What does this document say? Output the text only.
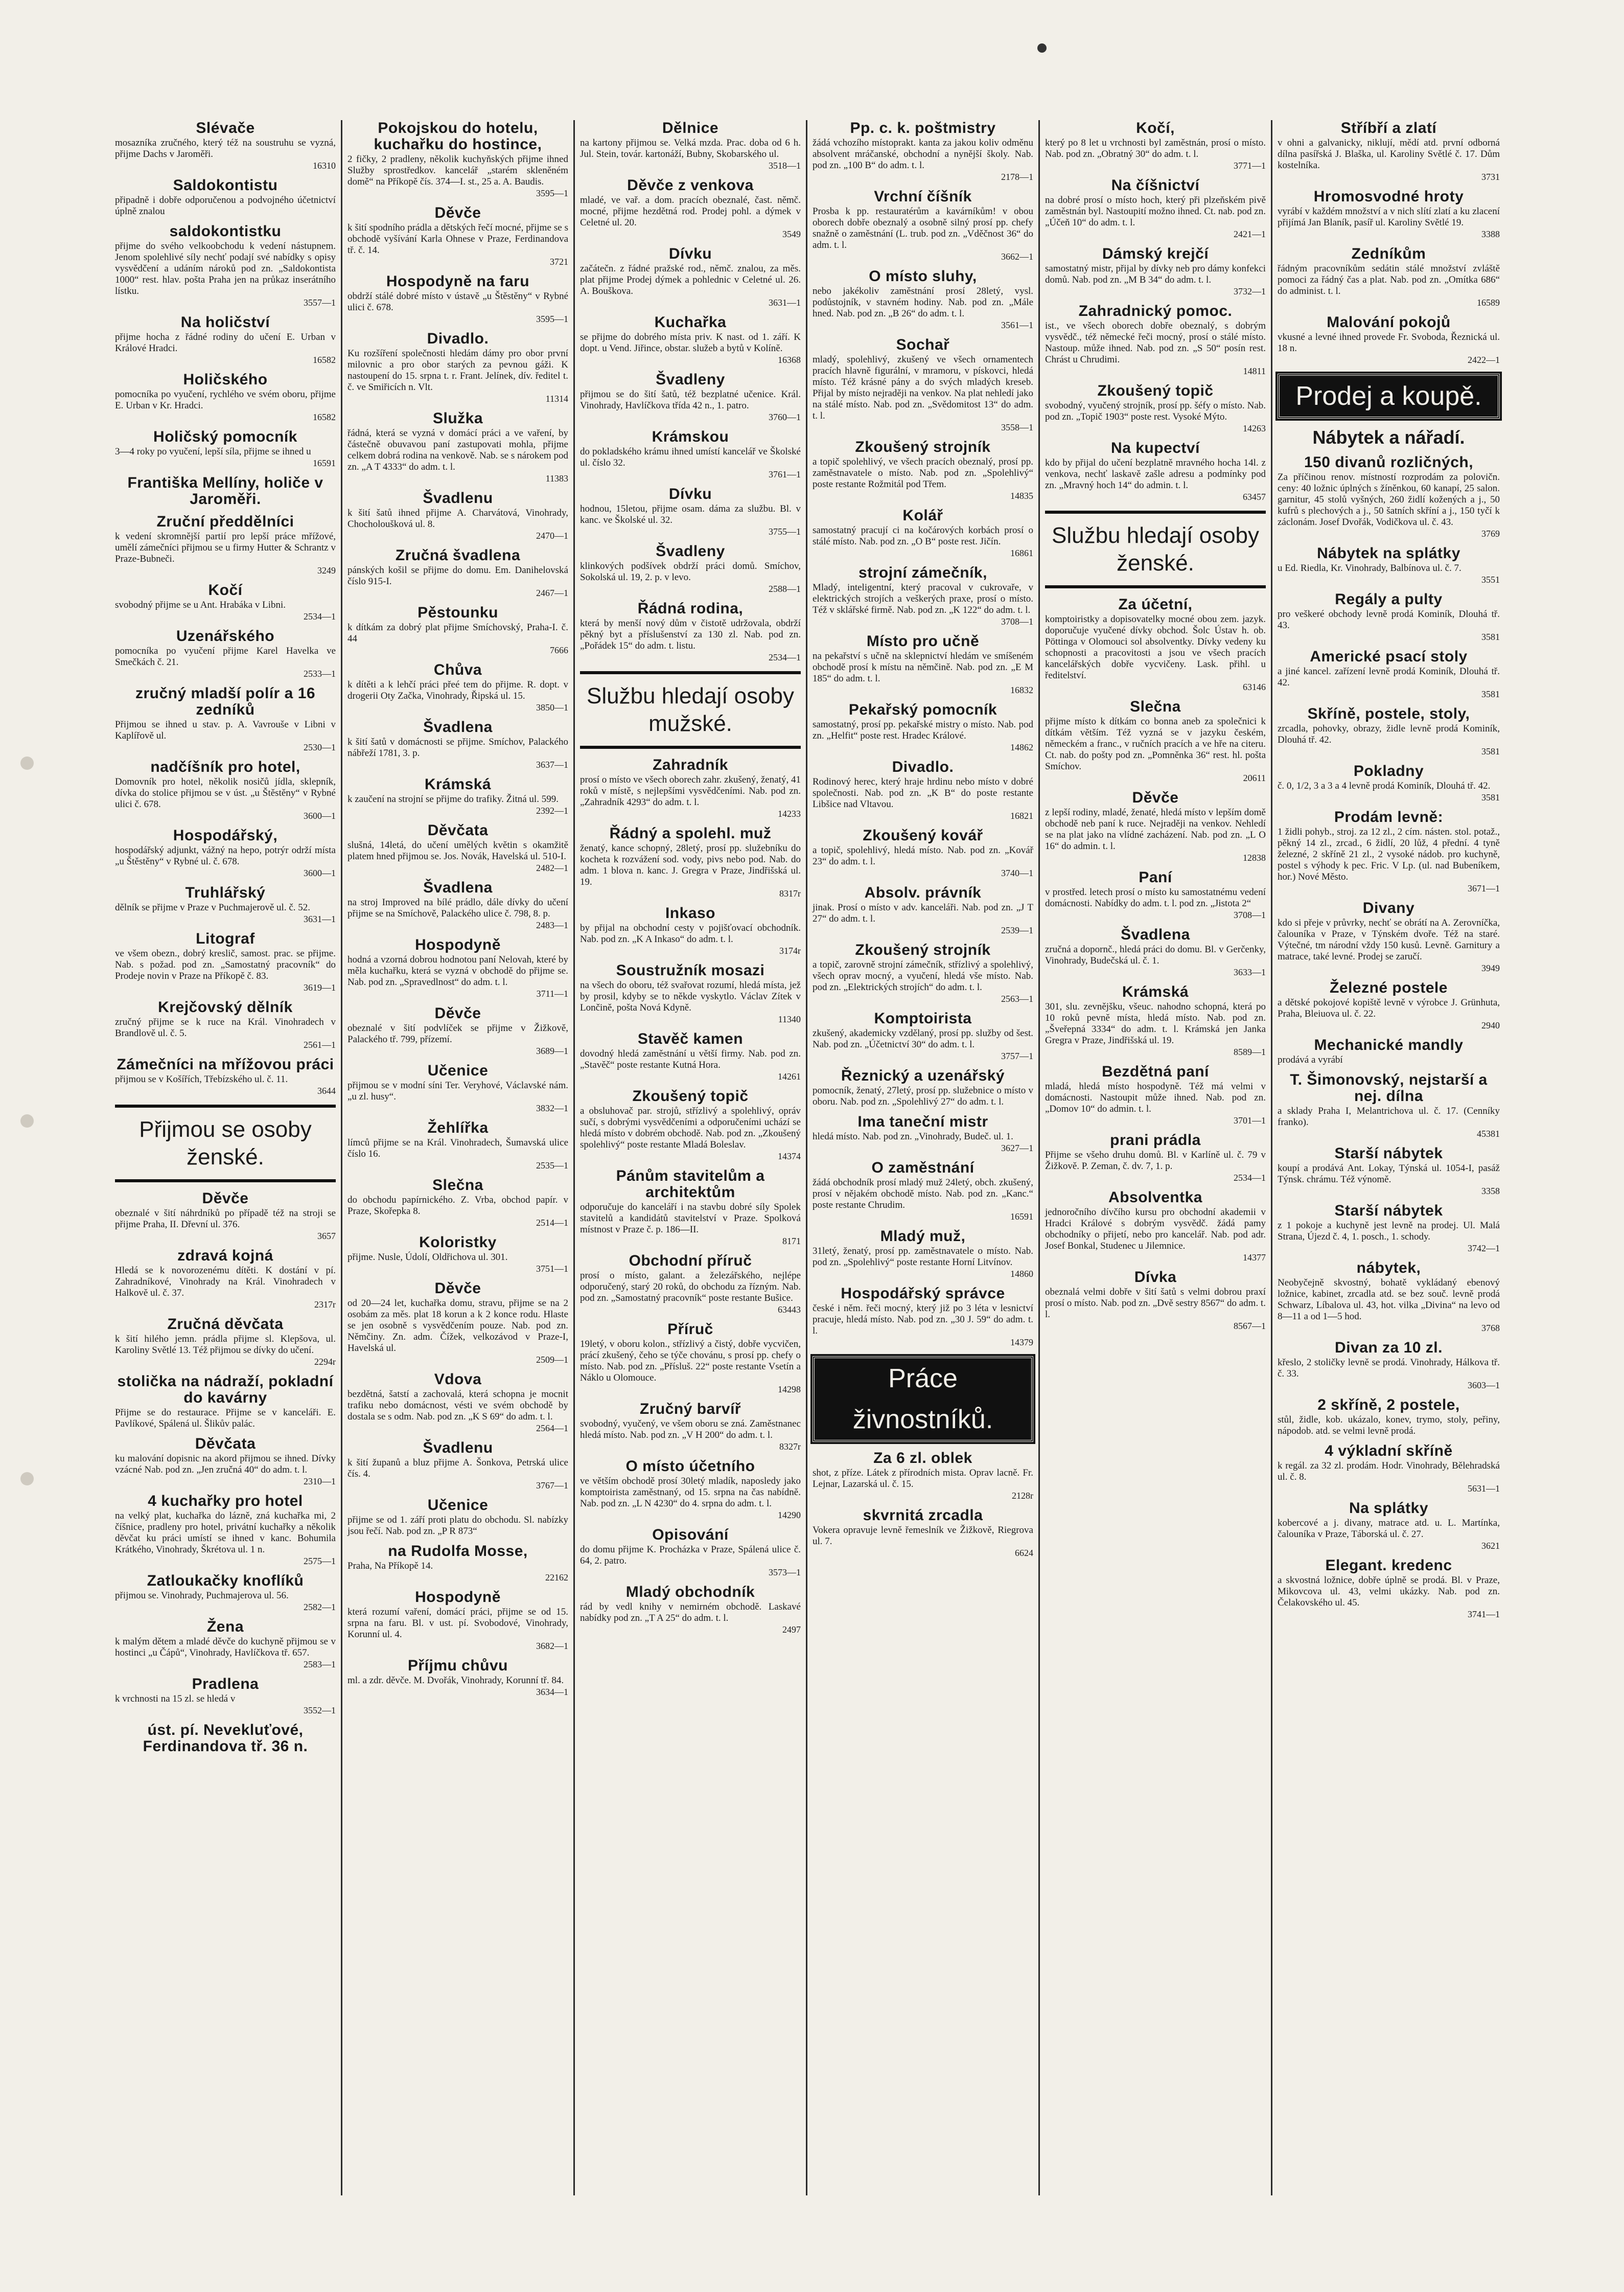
Slévače

mosazníka zručného, který též na soustruhu se vyzná, přijme Dachs v Jaroměři.

16310
Saldokontistu

připadně i dobře odporučenou a podvojného účetnictví úplně znalou

saldokontistku

přijme do svého velkoobchodu k vedení nástupnem. Jenom spolehlivé síly nechť podají své nabídky s opisy vysvědčení a udáním nároků pod zn. „Saldokontista 1000“ rest. hlav. pošta Praha jen na průkaz inserátního lístku.

3557—1
Na holičství

přijme hocha z řádné rodiny do učení E. Urban v Králové Hradci.

16582
Holičského

pomocníka po vyučení, rychlého ve svém oboru, přijme E. Urban v Kr. Hradci.

16582
Holičský pomocník

3—4 roky po vyučení, lepší síla, přijme se ihned u

16591
Františka Mellíny, holiče v Jaroměři.
Zruční předdělníci

k vedení skromnější partií pro lepší práce mřížové, umělí zámečníci přijmou se u firmy Hutter & Schrantz v Praze-Bubneči.

3249
Kočí

svobodný přijme se u Ant. Hrabáka v Libni.

2534—1
Uzenářského

pomocníka po vyučení přijme Karel Havelka ve Smečkách č. 21.

2533—1
zručný mladší polír a 16 zedníků

Přijmou se ihned u stav. p. A. Vavrouše v Libni v Kaplířově ul.

2530—1
nadčíšník pro hotel,

Domovník pro hotel, několik nosičů jídla, sklepník, dívka do stolice přijmou se v úst. „u Štěstěny“ v Rybné ulici č. 678.

3600—1
Hospodářský,

hospodářský adjunkt, vážný na hepo, potrýr održí místa „u Štěstěny“ v Rybné ul. č. 678.

3600—1
Truhlářský

dělník se přijme v Praze v Puchmajerově ul. č. 52.

3631—1
Litograf

ve všem obezn., dobrý kreslič, samost. prac. se přijme. Nab. s požad. pod zn. „Samostatný pracovník“ do Prodeje novin v Praze na Příkopě č. 83.

3619—1
Krejčovský dělník

zručný přijme se k ruce na Král. Vinohradech v Brandlově ul. č. 5.

2561—1
Zámečníci na mřížovou práci

přijmou se v Košířích, Třebízského ul. č. 11.

3644
Přijmou se osoby ženské.
Děvče

obeznalé v šití náhrdníků po případě též na stroji se přijme Praha, II. Dřevní ul. 376.

3657
zdravá kojná

Hledá se k novorozenému dítěti. K dostání v pí. Zahradníkové, Vinohrady na Král. Vinohradech v Halkově ul. č. 37.

2317r
Zručná děvčata

k šití hilého jemn. prádla přijme sl. Klepšova, ul. Karoliny Světlé 13. Též přijmou se dívky do učení.

2294r
stolička na nádraží, pokladní do kavárny

Přijme se do restaurace. Přijme se v kanceláři. E. Pavlíkové, Spálená ul. Šlikův palác.

Děvčata

ku malování dopisnic na akord přijmou se ihned. Dívky vzácné Nab. pod zn. „Jen zručná 40“ do adm. t. l.

2310—1
4 kuchařky pro hotel

na velký plat, kuchařka do lázně, zná kuchařka mi, 2 číšnice, pradleny pro hotel, privátní kuchařky a několik děvčat ku práci umístí se ihned v kanc. Bohumila Krátkého, Vinohrady, Škrétova ul. 1 n.

2575—1
Zatloukačky knoflíků

přijmou se. Vinohrady, Puchmajerova ul. 56.

2582—1
Žena

k malým dětem a mladé děvče do kuchyně přijmou se v hostinci „u Čápů“, Vinohrady, Havlíčkova tř. 657.

2583—1
Pradlena

k vrchnosti na 15 zl. se hledá v

3552—1
úst. pí. Nevekluťové, Ferdinandova tř. 36 n.
Pokojskou do hotelu, kuchařku do hostince,

2 fičky, 2 pradleny, několik kuchyňských přijme ihned Služby sprostředkov. kancelář „starém skleněném domě“ na Příkopě čís. 374—I. st., 25 a. A. Baudis.

3595—1
Děvče

k šití spodního prádla a dětských řečí mocné, přijme se s obchodě vyšívání Karla Ohnese v Praze, Ferdinandova tř. č. 14.

3721
Hospodyně na faru

obdrží stálé dobré místo v ústavě „u Štěstěny“ v Rybné ulici č. 678.

3595—1
Divadlo.

Ku rozšíření společnosti hledám dámy pro obor první milovnic a pro obor starých za pevnou gáži. K nastoupení do 15. srpna t. r. Frant. Jelínek, dív. ředitel t. č. ve Smiřicích n. Vlt.

11314
Služka

řádná, která se vyzná v domácí práci a ve vaření, by částečně obuvavou paní zastupovati mohla, přijme celkem dobrá rodina na venkově. Nab. se s nárokem pod zn. „A T 4333“ do adm. t. l.

11383
Švadlenu

k šití šatů ihned přijme A. Charvátová, Vinohrady, Chocholoušková ul. 8.

2470—1
Zručná švadlena

pánských košil se přijme do domu. Em. Danihelovská číslo 915-I.

2467—1
Pěstounku

k dítkám za dobrý plat přijme Smíchovský, Praha-I. č. 44

7666
Chůva

k dítěti a k lehčí práci přeé tem do přijme. R. dopt. v drogerii Oty Začka, Vinohrady, Řipská ul. 15.

3850—1
Švadlena

k šití šatů v domácnosti se přijme. Smíchov, Palackého nábřeží 1781, 3. p.

3637—1
Krámská

k zaučení na strojní se přijme do trafiky. Žitná ul. 599.

2392—1
Děvčata

slušná, 14letá, do učení umělých květin s okamžitě platem hned přijmou se. Jos. Novák, Havelská ul. 510-I.

2482—1
Švadlena

na stroj Improved na bílé prádlo, dále dívky do učení přijme se na Smíchově, Palackého ulice č. 798, 8. p.

2483—1
Hospodyně

hodná a vzorná dobrou hodnotou paní Nelovah, které by měla kuchařku, která se vyzná v obchodě do přijme se. Nab. pod zn. „Spravedlnost“ do adm. t. l.

3711—1
Děvče

obeznalé v šití podvlíček se přijme v Žižkově, Palackého tř. 799, přízemí.

3689—1
Učenice

přijmou se v modní síni Ter. Veryhové, Václavské nám. „u zl. husy“.

3832—1
Žehlířka

límců přijme se na Král. Vinohradech, Šumavská ulice číslo 16.

2535—1
Slečna

do obchodu papírnického. Z. Vrba, obchod papír. v Praze, Skořepka 8.

2514—1
Koloristky

přijme. Nusle, Údolí, Oldřichova ul. 301.

3751—1
Děvče

od 20—24 let, kuchařka domu, stravu, přijme se na 2 osobám za měs. plat 18 korun a k 2 konce rodu. Hlaste se jen osobně s vysvědčením pouze. Nab. pod zn. Němčiny. Zn. adm. Čížek, velkozávod v Praze-I, Havelská ul.

2509—1
Vdova

bezdětná, šatstí a zachovalá, která schopna je mocnit trafiku nebo domácnost, vésti ve svém obchodě by dostala se s odm. Nab. pod zn. „K S 69“ do adm. t. l.

2564—1
Švadlenu

k šití županů a bluz přijme A. Šonkova, Petrská ulice čís. 4.

3767—1
Učenice

přijme se od 1. září proti platu do obchodu. Sl. nabízky jsou řečí. Nab. pod zn. „P R 873“

na Rudolfa Mosse,

Praha, Na Příkopě 14.

22162
Hospodyně

která rozumí vaření, domácí práci, přijme se od 15. srpna na faru. Bl. v ust. pí. Svobodové, Vinohrady, Korunní ul. 4.

3682—1
Příjmu chůvu

ml. a zdr. děvče. M. Dvořák, Vinohrady, Korunní tř. 84.

3634—1
Dělnice

na kartony přijmou se. Velká mzda. Prac. doba od 6 h. Jul. Stein, továr. kartonáží, Bubny, Skobarského ul.

3518—1
Děvče z venkova

mladé, ve vař. a dom. pracích obeznalé, čast. němč. mocné, přijme hezdětná rod. Prodej pohl. a dýmek v Celetné ul. 20.

3549
Dívku

začátečn. z řádné pražské rod., němč. znalou, za měs. plat přijme Prodej dýmek a pohlednic v Celetné ul. 26. A. Bouškova.

3631—1
Kuchařka

se přijme do dobrého místa priv. K nast. od 1. září. K dopt. u Vend. Jiřince, obstar. služeb a bytů v Kolíně.

16368
Švadleny

přijmou se do šití šatů, též bezplatné učenice. Král. Vinohrady, Havlíčkova třída 42 n., 1. patro.

3760—1
Krámskou

do pokladského krámu ihned umístí kancelář ve Školské ul. číslo 32.

3761—1
Dívku

hodnou, 15letou, přijme osam. dáma za službu. Bl. v kanc. ve Školské ul. 32.

3755—1
Švadleny

klinkových podšívek obdrží práci domů. Smíchov, Sokolská ul. 19, 2. p. v levo.

2588—1
Řádná rodina,

která by menší nový dům v čistotě udržovala, obdrží pěkný byt a příslušenství za 130 zl. Nab. pod zn. „Pořádek 15“ do adm. t. listu.

2534—1
Službu hledají osoby mužské.
Zahradník

prosí o místo ve všech oborech zahr. zkušený, ženatý, 41 roků v místě, s nejlepšími vysvědčeními. Nab. pod zn. „Zahradník 4293“ do adm. t. l.

14233
Řádný a spolehl. muž

ženatý, kance schopný, 28letý, prosí pp. služebníku do kocheta k rozvážení sod. vody, pivs nebo pod. Nab. do adm. 1 blova n. kanc. J. Gregra v Praze, Jindřišská ul. 19.

8317r
Inkaso

by přijal na obchodní cesty v pojišťovací obchodník. Nab. pod zn. „K A Inkaso“ do adm. t. l.

3174r
Soustružník mosazi

na všech do oboru, též svařovat rozumí, hledá místa, jež by prosil, kdyby se to někde vyskytlo. Václav Zítek v Lončině, pošta Nová Kdyně.

11340
Stavěč kamen

dovodný hledá zaměstnání u větší firmy. Nab. pod zn. „Stavěč“ poste restante Kutná Hora.

14261
Zkoušený topič

a obsluhovač par. strojů, střízlivý a spolehlivý, opráv sučí, s dobrými vysvědčeními a odporučeními uchází se hledá místo v dobrém obchodě. Nab. pod zn. „Zkoušený spolehlivý“ poste restante Mladá Boleslav.

14374
Pánům stavitelům a architektům

odporučuje do kanceláří i na stavbu dobré síly Spolek stavitelů a kandidátů stavitelství v Praze. Spolková místnost v Praze č. p. 186—II.

8171
Obchodní příruč

prosí o místo, galant. a železářského, nejlépe odporučený, starý 20 roků, do obchodu za řízným. Nab. pod zn. „Samostatný pracovník“ poste restante Bušice.

63443
Příruč

19letý, v oboru kolon., střízlivý a čistý, dobře vycvičen, prácí zkušený, čeho se týče chovánu, s prosí pp. chefy o místo. Nab. pod zn. „Přísluš. 22“ poste restante Vsetín a Náklo u Olomouce.

14298
Zručný barvíř

svobodný, vyučený, ve všem oboru se zná. Zaměstnanec hledá místo. Nab. pod zn. „V H 200“ do adm. t. l.

8327r
O místo účetního

ve větším obchodě prosí 30letý mladík, naposledy jako komptoirista zaměstnaný, od 15. srpna na čas nabídně. Nab. pod zn. „L N 4230“ do 4. srpna do adm. t. l.

14290
Opisování

do domu přijme K. Procházka v Praze, Spálená ulice č. 64, 2. patro.

3573—1
Mladý obchodník

rád by vedl knihy v nemirném obchodě. Laskavé nabídky pod zn. „T A 25“ do adm. t. l.

2497
Pp. c. k. poštmistry

žádá vchozího místoprakt. kanta za jakou koliv odměnu absolvent mráčanské, obchodní a nynější školy. Nab. pod zn. „100 B“ do adm. t. l.

2178—1
Vrchní číšník

Prosba k pp. restauratérům a kavárníkům! v obou oborech dobře obeznalý a osobně silný prosí pp. chefy snažně o zaměstnání (L. trub. pod zn. „Vděčnost 36“ do adm. t. l.

3662—1
O místo sluhy,

nebo jakékoliv zaměstnání prosí 28letý, vysl. podůstojník, v stavném hodiny. Nab. pod zn. „Mále hned. Nab. pod zn. „B 26“ do adm. t. l.

3561—1
Sochař

mladý, spolehlivý, zkušený ve všech ornamentech pracích hlavně figurální, v mramoru, v pískovci, hledá místo. Též krásné pány a do svých mladých kreseb. Přijal by místo nejraději na venkov. Na plat nehledí jako na stálé místo. Nab. pod zn. „Svědomitost 13“ do adm. t. l.

3558—1
Zkoušený strojník

a topič spolehlivý, ve všech pracích obeznalý, prosí pp. zaměstnavatele o místo. Nab. pod zn. „Spolehlivý“ poste restante Rožmitál pod Třem.

14835
Kolář

samostatný pracují ci na kočárových korbách prosí o stálé místo. Nab. pod zn. „O B“ poste rest. Jičín.

16861
strojní zámečník,

Mladý, inteligentní, který pracoval v cukrovaře, v elektrických strojích a veškerých praxe, prosí o místo. Též v sklářské firmě. Nab. pod zn. „K 122“ do adm. t. l.

3708—1
Místo pro učně

na pekařství s učně na sklepnictví hledám ve smíšeném obchodě prosí k místu na němčině. Nab. pod zn. „E M 185“ do adm. t. l.

16832
Pekařský pomocník

samostatný, prosí pp. pekařské mistry o místo. Nab. pod zn. „Helfit“ poste rest. Hradec Králové.

14862
Divadlo.

Rodinový herec, který hraje hrdinu nebo místo v dobré společnosti. Nab. pod zn. „K B“ do poste restante Libšice nad Vltavou.

16821
Zkoušený kovář

a topič, spolehlivý, hledá místo. Nab. pod zn. „Kovář 23“ do adm. t. l.

3740—1
Absolv. právník

jinak. Prosí o místo v adv. kanceláři. Nab. pod zn. „J T 27“ do adm. t. l.

2539—1
Zkoušený strojník

a topič, zarovně strojní zámečník, střízlivý a spolehlivý, všech oprav mocný, a vyučení, hledá vše místo. Nab. pod zn. „Elektrických strojích“ do adm. t. l.

2563—1
Komptoirista

zkušený, akademicky vzdělaný, prosí pp. služby od šest. Nab. pod zn. „Účetnictví 30“ do adm. t. l.

3757—1
Řeznický a uzenářský

pomocník, ženatý, 27letý, prosí pp. služebnice o místo v oboru. Nab. pod zn. „Spolehlivý 27“ do adm. t. l.

Ima taneční mistr

hledá místo. Nab. pod zn. „Vinohrady, Budeč. ul. 1.

3627—1
O zaměstnání

žádá obchodník prosí mladý muž 24letý, obch. zkušený, prosí v nějakém obchodě místo. Nab. pod zn. „Kanc.“ poste restante Chrudim.

16591
Mladý muž,

31letý, ženatý, prosí pp. zaměstnavatele o místo. Nab. pod zn. „Spolehlivý“ poste restante Horní Litvínov.

14860
Hospodářský správce

české i něm. řeči mocný, který již po 3 léta v lesnictví pracuje, hledá místo. Nab. pod zn. „30 J. 59“ do adm. t. l.

14379
Práce živnostníků.
Za 6 zl. oblek

shot, z příze. Látek z přírodních mista. Oprav lacně. Fr. Lejnar, Lazarská ul. č. 15.

2128r
skvrnitá zrcadla

Vokera opravuje levně řemeslník ve Žižkově, Riegrova ul. 7.

6624
Kočí,

který po 8 let u vrchnosti byl zaměstnán, prosí o místo. Nab. pod zn. „Obratný 30“ do adm. t. l.

3771—1
Na číšnictví

na dobré prosí o místo hoch, který při plzeňském pivě zaměstnán byl. Nastoupití možno ihned. Ct. nab. pod zn. „Účeň 10“ do adm. t. l.

2421—1
Dámský krejčí

samostatný mistr, přijal by dívky neb pro dámy konfekci domů. Nab. pod zn. „M B 34“ do adm. t. l.

3732—1
Zahradnický pomoc.

ist., ve všech oborech dobře obeznalý, s dobrým vysvědč., též německé řeči mocný, prosí o stálé místo. Nastoup. může ihned. Nab. pod zn. „S 50“ posín rest. Chrást u Chrudimi.

14811
Zkoušený topič

svobodný, vyučený strojník, prosí pp. šéfy o místo. Nab. pod zn. „Topič 1903“ poste rest. Vysoké Mýto.

14263
Na kupectví

kdo by přijal do učení bezplatně mravného hocha 14l. z venkova, nechť laskavě zašle adresu a podmínky pod zn. „Mravný hoch 14“ do admin. t. l.

63457
Službu hledají osoby ženské.
Za účetní,

komptoiristky a dopisovatelky mocné obou zem. jazyk. doporučuje vyučené dívky obchod. Šolc Ústav h. ob. Pöttinga v Olomouci sol absolventky. Dívky vedeny ku schopnosti a pracovitosti a jsou ve všech pracích kancelářských dobře vycvičeny. Lask. přihl. u ředitelství.

63146
Slečna

přijme místo k dítkám co bonna aneb za společnici k dítkám větším. Též vyzná se v jazyku českém, německém a franc., v ručních pracích a ve hře na citeru. Ct. nab. do pošty pod zn. „Pomněnka 36“ rest. hl. pošta Smíchov.

20611
Děvče

z lepší rodiny, mladé, ženaté, hledá místo v lepším domě obchodě neb paní k ruce. Nejraději na venkov. Nehledí se na plat jako na vlídné zacházení. Nab. pod zn. „L O 16“ do admin. t. l.

12838
Paní

v prostřed. letech prosí o místo ku samostatnému vedení domácnosti. Nabídky do adm. t. l. pod zn. „Jistota 2“

3708—1
Švadlena

zručná a dopornč., hledá práci do domu. Bl. v Gerčenky, Vinohrady, Budečská ul. č. 1.

3633—1
Krámská

301, slu. zevnějšku, všeuc. nahodno schopná, která po 10 roků pevně místa, hledá místo. Nab. pod zn. „Šveřepná 3334“ do adm. t. l. Krámská jen Janka Gregra v Praze, Jindřišská ul. 19.

8589—1
Bezdětná paní

mladá, hledá místo hospodyně. Též má velmi v domácnosti. Nastoupit může ihned. Nab. pod zn. „Domov 10“ do admin. t. l.

3701—1
prani prádla

Přijme se všeho druhu domů. Bl. v Karlíně ul. č. 79 v Žižkově. P. Zeman, č. dv. 7, 1. p.

2534—1
Absolventka

jednoročního dívčího kursu pro obchodní akademii v Hradci Králové s dobrým vysvědč. žádá pamy obchodníky o přijetí, nebo pro kancelář. Nab. pod adr. Josef Bonkal, Studenec u Jilemnice.

14377
Dívka

obeznalá velmi dobře v šití šatů s velmi dobrou praxí prosí o místo. Nab. pod zn. „Dvě sestry 8567“ do adm. t. l.

8567—1
Stříbří a zlatí

v ohni a galvanicky, niklují, mědí atd. první odborná dílna pasířská J. Blaška, ul. Karoliny Světlé č. 17. Dům kostelníka.

3731
Hromosvodné hroty

vyrábí v každém množství a v nich slítí zlatí a ku zlacení přijímá Jan Blaník, pasíř ul. Karoliny Světlé 19.

3388
Zedníkům

řádným pracovníkům sedátin stálé množství zvláště pomoci za řádný čas a plat. Nab. pod zn. „Omítka 686“ do administ. t. l.

16589
Malování pokojů

vkusné a levné ihned provede Fr. Svoboda, Řeznická ul. 18 n.

2422—1
Prodej a koupě.
Nábytek a nářadí.
150 divanů rozličných,

Za příčinou renov. místností rozprodám za polovičn. ceny: 40 ložnic úplných s žíněnkou, 60 kanapí, 25 salon. garnitur, 45 stolů vyšných, 260 židlí kožených a j., 50 kufrů s plechových a j., 50 šatních skříní a j., 150 tyčí k záclonám. Josef Dvořák, Vodičkova ul. č. 43.

3769
Nábytek na splátky

u Ed. Riedla, Kr. Vinohrady, Balbínova ul. č. 7.

3551
Regály a pulty

pro veškeré obchody levně prodá Kominík, Dlouhá tř. 43.

3581
Americké psací stoly

a jiné kancel. zařízení levně prodá Kominík, Dlouhá tř. 42.

3581
Skříně, postele, stoly,

zrcadla, pohovky, obrazy, židle levně prodá Kominík, Dlouhá tř. 42.

3581
Pokladny

č. 0, 1/2, 3 a 3 a 4 levně prodá Kominík, Dlouhá tř. 42.

3581
Prodám levně:

1 židli pohyb., stroj. za 12 zl., 2 cím. násten. stol. potaž., pěkný 14 zl., zrcad., 6 židlí, 20 lůž, 4 přední. 4 tyně železné, 2 skříně 21 zl., 2 vysoké nádob. pro kuchyně, postel s výhody k pec. Fric. V Lp. (ul. nad Bubeníkem, hor.) Nové Město.

3671—1
Divany

kdo si přeje v průvrky, nechť se obrátí na A. Zerovníčka, čalouníka v Praze, v Týnském dvoře. Též na staré. Výtečné, tm národní vždy 150 kusů. Levně. Garnitury a matrace, také levné. Prodej se zaručí.

3949
Železné postele

a dětské pokojové kopiště levně v výrobce J. Grünhuta, Praha, Bleiuova ul. č. 22.

2940
Mechanické mandly

prodává a vyrábí

T. Šimonovský, nejstarší a nej. dílna

a sklady Praha I, Melantrichova ul. č. 17. (Cenníky franko).

45381
Starší nábytek

koupí a prodává Ant. Lokay, Týnská ul. 1054-I, pasáž Týnsk. chrámu. Též výnomě.

3358
Starší nábytek

z 1 pokoje a kuchyně jest levně na prodej. Ul. Malá Strana, Újezd č. 4, 1. posch., 1. schody.

3742—1
nábytek,

Neobyčejně skvostný, bohatě vykládaný ebenový ložnice, kabinet, zrcadla atd. se bez souč. levně prodá Schwarz, Líbalova ul. 43, hot. vilka „Divina“ na levo od 8—11 a od 1—5 hod.

3768
Divan za 10 zl.

křeslo, 2 stoličky levně se prodá. Vinohrady, Hálkova tř. č. 33.

3603—1
2 skříně, 2 postele,

stůl, židle, kob. ukázalo, konev, trymo, stoly, peřiny, nápodob. atd. se velmi levně prodá.

4 výkladní skříně

k regál. za 32 zl. prodám. Hodr. Vinohrady, Bělehradská ul. č. 8.

5631—1
Na splátky

kobercové a j. divany, matrace atd. u. L. Martínka, čalouníka v Praze, Táborská ul. č. 27.

3621
Elegant. kredenc

a skvostná ložnice, dobře úplně se prodá. Bl. v Praze, Mikovcova ul. 43, velmi ukázky. Nab. pod zn. Čelakovského ul. 45.

3741—1
